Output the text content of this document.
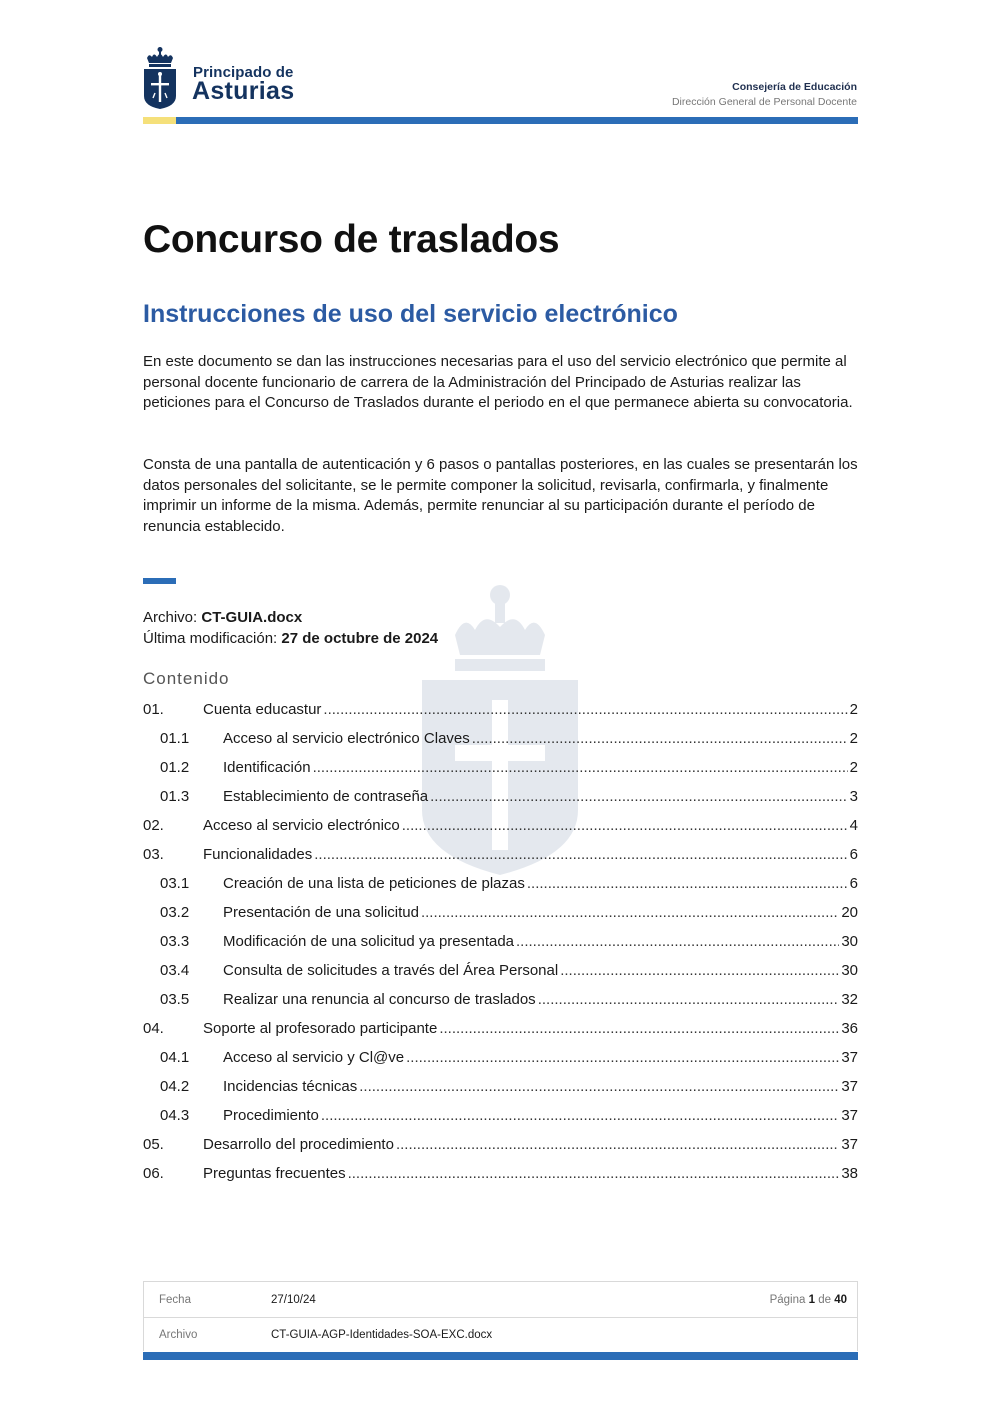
Principado de
Asturias	Consejería de Educación
Dirección General de Personal Docente
Concurso de traslados
Instrucciones de uso del servicio electrónico

En este documento se dan las instrucciones necesarias para el uso del servicio electrónico que permite al personal docente funcionario de carrera de la Administración del Principado de Asturias realizar las peticiones para el Concurso de Traslados durante el periodo en el que permanece abierta su convocatoria.

Consta de una pantalla de autenticación y 6 pasos o pantallas posteriores, en las cuales se presentarán los datos personales del solicitante, se le permite componer la solicitud, revisarla, confirmarla, y finalmente imprimir un informe de la misma. Además, permite renunciar al su participación durante el período de renuncia establecido.

Archivo: CT-GUIA.docx
Última modificación: 27 de octubre de 2024
Contenido
01.	Cuenta educastur .....	2
01.1	Acceso al servicio electrónico Claves .....	2
01.2	Identificación .....	2
01.3	Establecimiento de contraseña .....	3
02.	Acceso al servicio electrónico .....	4
03.	Funcionalidades .....	6
03.1	Creación de una lista de peticiones de plazas .....	6
03.2	Presentación de una solicitud .....	20
03.3	Modificación de una solicitud ya presentada .....	30
03.4	Consulta de solicitudes a través del Área Personal .....	30
03.5	Realizar una renuncia al concurso de traslados .....	32
04.	Soporte al profesorado participante .....	36
04.1	Acceso al servicio y Cl@ve .....	37
04.2	Incidencias técnicas .....	37
04.3	Procedimiento .....	37
05.	Desarrollo del procedimiento .....	37
06.	Preguntas frecuentes .....	38
Fecha	27/10/24	Página 1 de 40
Archivo	CT-GUIA-AGP-Identidades-SOA-EXC.docx
